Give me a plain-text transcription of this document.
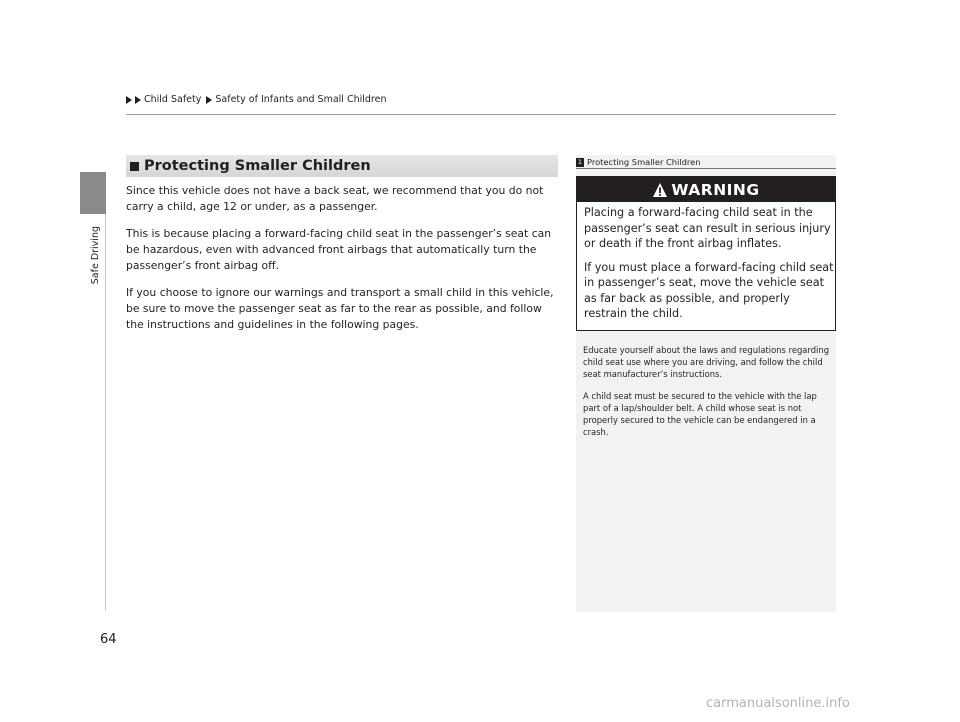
Child Safety Safety of Infants and Small Children
Safe Driving
Protecting Smaller Children

Since this vehicle does not have a back seat, we recommend that you do not carry a child, age 12 or under, as a passenger.

This is because placing a forward-facing child seat in the passenger’s seat can be hazardous, even with advanced front airbags that automatically turn the passenger’s front airbag off.

If you choose to ignore our warnings and transport a small child in this vehicle, be sure to move the passenger seat as far to the rear as possible, and follow the instructions and guidelines in the following pages.

1 Protecting Smaller Children
WARNING

Placing a forward-facing child seat in the passenger’s seat can result in serious injury or death if the front airbag inflates.

If you must place a forward-facing child seat in passenger’s seat, move the vehicle seat as far back as possible, and properly restrain the child.

Educate yourself about the laws and regulations regarding child seat use where you are driving, and follow the child seat manufacturer’s instructions.

A child seat must be secured to the vehicle with the lap part of a lap/shoulder belt. A child whose seat is not properly secured to the vehicle can be endangered in a crash.

64
carmanualsonline.info
